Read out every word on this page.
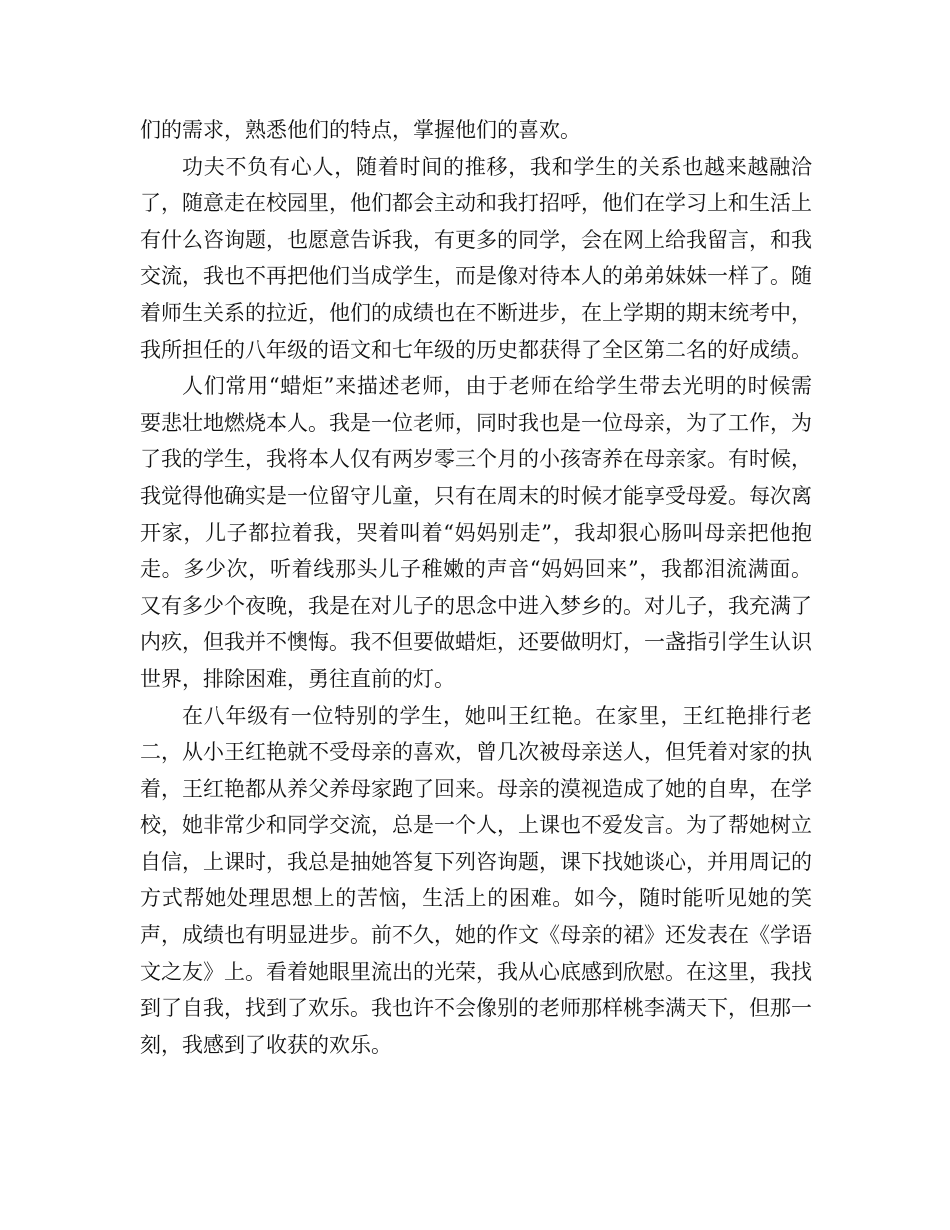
们的需求，熟悉他们的特点，掌握他们的喜欢。

功夫不负有心人，随着时间的推移，我和学生的关系也越来越融洽了，随意走在校园里，他们都会主动和我打招呼，他们在学习上和生活上有什么咨询题，也愿意告诉我，有更多的同学，会在网上给我留言，和我交流，我也不再把他们当成学生，而是像对待本人的弟弟妹妹一样了。随着师生关系的拉近，他们的成绩也在不断进步，在上学期的期末统考中，我所担任的八年级的语文和七年级的历史都获得了全区第二名的好成绩。

人们常用“蜡炬”来描述老师，由于老师在给学生带去光明的时候需要悲壮地燃烧本人。我是一位老师，同时我也是一位母亲，为了工作，为了我的学生，我将本人仅有两岁零三个月的小孩寄养在母亲家。有时候，我觉得他确实是一位留守儿童，只有在周末的时候才能享受母爱。每次离开家，儿子都拉着我，哭着叫着“妈妈别走”，我却狠心肠叫母亲把他抱走。多少次，听着线那头儿子稚嫩的声音“妈妈回来”，我都泪流满面。又有多少个夜晚，我是在对儿子的思念中进入梦乡的。对儿子，我充满了内疚，但我并不懊悔。我不但要做蜡炬，还要做明灯，一盏指引学生认识世界，排除困难，勇往直前的灯。

在八年级有一位特别的学生，她叫王红艳。在家里，王红艳排行老二，从小王红艳就不受母亲的喜欢，曾几次被母亲送人，但凭着对家的执着，王红艳都从养父养母家跑了回来。母亲的漠视造成了她的自卑，在学校，她非常少和同学交流，总是一个人，上课也不爱发言。为了帮她树立自信，上课时，我总是抽她答复下列咨询题，课下找她谈心，并用周记的方式帮她处理思想上的苦恼，生活上的困难。如今，随时能听见她的笑声，成绩也有明显进步。前不久，她的作文《母亲的裙》还发表在《学语文之友》上。看着她眼里流出的光荣，我从心底感到欣慰。在这里，我找到了自我，找到了欢乐。我也许不会像别的老师那样桃李满天下，但那一刻，我感到了收获的欢乐。
